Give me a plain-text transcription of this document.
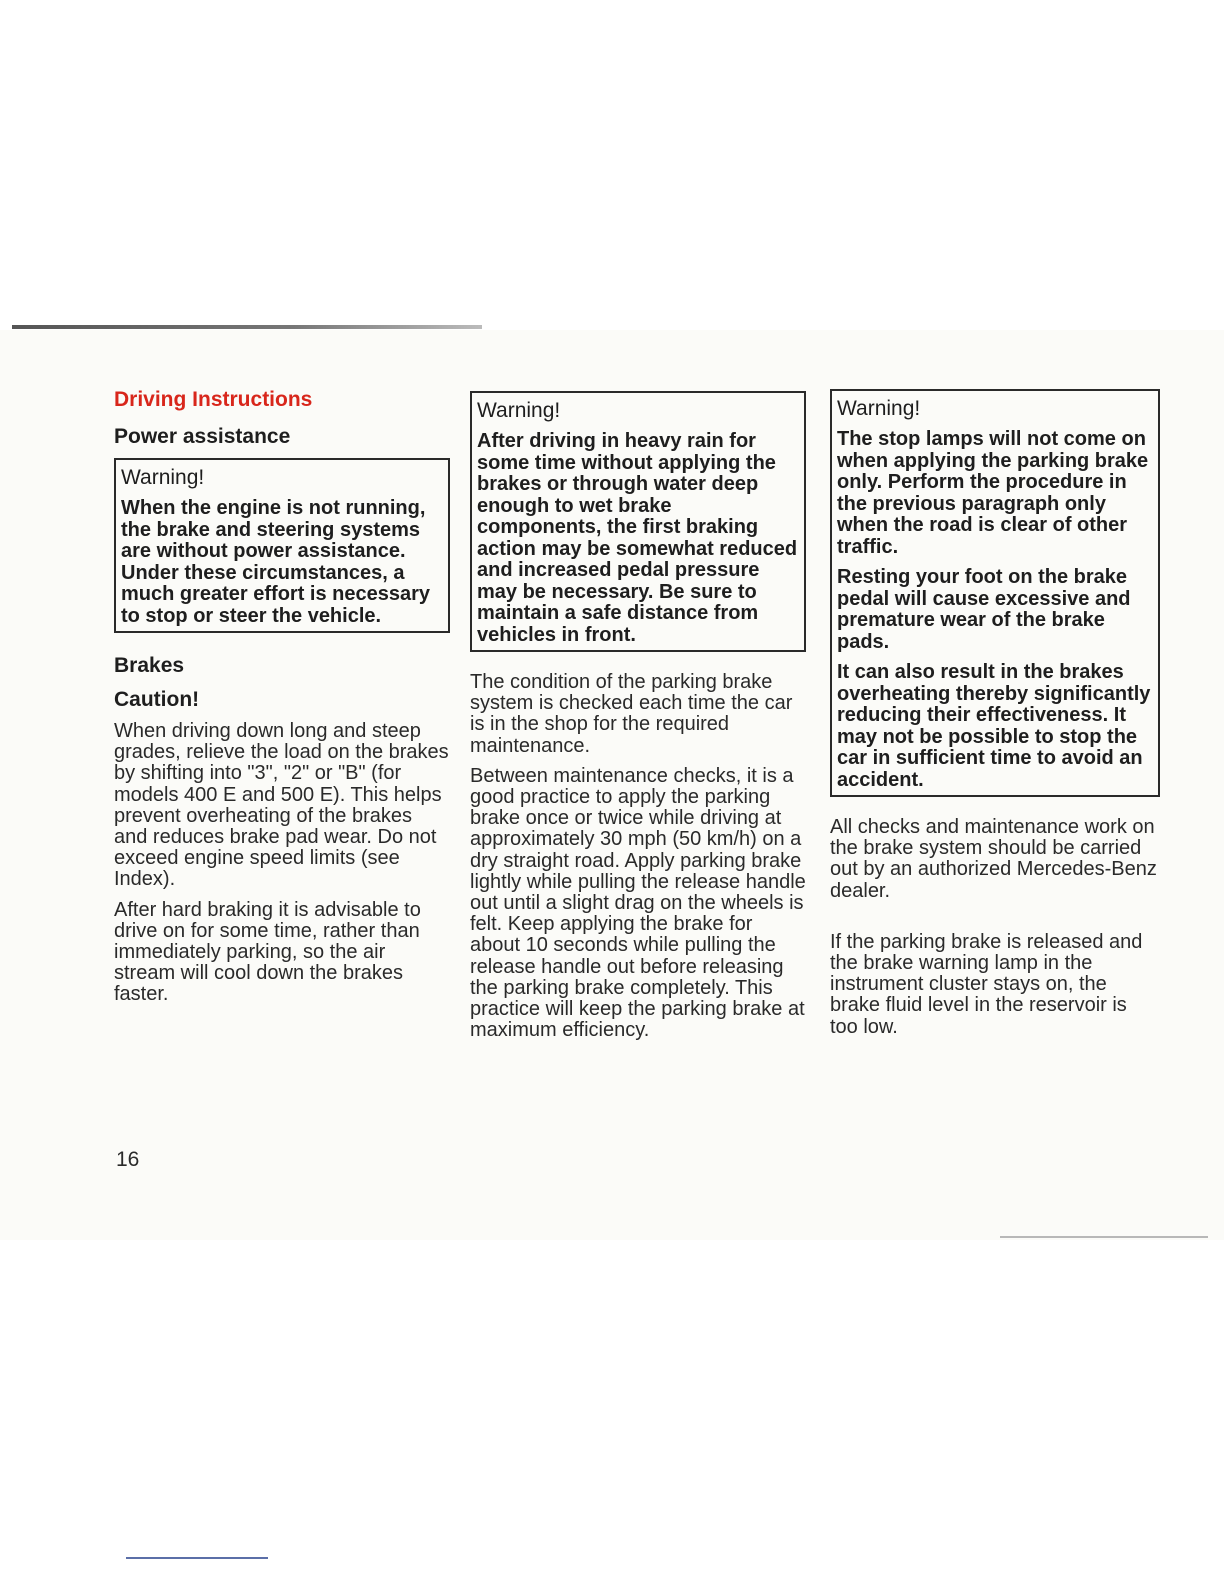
Driving Instructions
Power assistance
Warning!
When the engine is not running, the brake and steering systems are without power assistance. Under these circumstances, a much greater effort is necessary to stop or steer the vehicle.
Brakes
Caution!

When driving down long and steep grades, relieve the load on the brakes by shifting into "3", "2" or "B" (for models 400 E and 500 E). This helps prevent overheating of the brakes and reduces brake pad wear. Do not exceed engine speed limits (see Index).

After hard braking it is advisable to drive on for some time, rather than immediately parking, so the air stream will cool down the brakes faster.

Warning!
After driving in heavy rain for some time without applying the brakes or through water deep enough to wet brake components, the first braking action may be somewhat reduced and increased pedal pressure may be necessary. Be sure to maintain a safe distance from vehicles in front.

The condition of the parking brake system is checked each time the car is in the shop for the required maintenance.

Between maintenance checks, it is a good practice to apply the parking brake once or twice while driving at approximately 30 mph (50 km/h) on a dry straight road. Apply parking brake lightly while pulling the release handle out until a slight drag on the wheels is felt. Keep applying the brake for about 10 seconds while pulling the release handle out before releasing the parking brake completely. This practice will keep the parking brake at maximum efficiency.

Warning!
The stop lamps will not come on when applying the parking brake only. Perform the procedure in the previous paragraph only when the road is clear of other traffic.
Resting your foot on the brake pedal will cause excessive and premature wear of the brake pads.
It can also result in the brakes overheating thereby significantly reducing their effectiveness. It may not be possible to stop the car in sufficient time to avoid an accident.

All checks and maintenance work on the brake system should be carried out by an authorized Mercedes-Benz dealer.

If the parking brake is released and the brake warning lamp in the instrument cluster stays on, the brake fluid level in the reservoir is too low.

16
